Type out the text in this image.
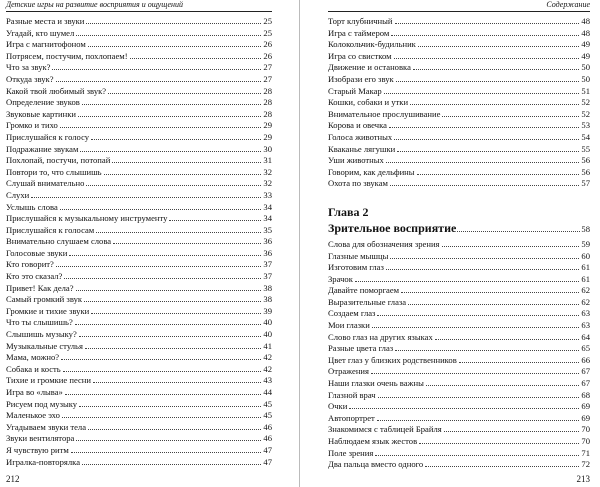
Детские игры на развитие восприятия и ощущений
Разные места и звуки	25
Угадай, кто шумел	25
Игра с магнитофоном	26
Потрясем, постучим, похлопаем!	26
Что за звук?	27
Откуда звук?	27
Какой твой любимый звук?	28
Определение звуков	28
Звуковые картинки	28
Громко и тихо	29
Прислушайся к голосу	29
Подражание звукам	30
Похлопай, постучи, потопай	31
Повтори то, что слышишь	32
Слушай внимательно	32
Слухи	33
Услышь слова	34
Прислушайся к музыкальному инструменту	34
Прислушайся к голосам	35
Внимательно слушаем слова	36
Голосовые звуки	36
Кто говорит?	37
Кто это сказал?	37
Привет! Как дела?	38
Самый громкий звук	38
Громкие и тихие звуки	39
Что ты слышишь?	40
Слышишь музыку?	40
Музыкальные стулья	41
Мама, можно?	42
Собака и кость	42
Тихие и громкие песни	43
Игра во «лыва»	44
Рисуем под музыку	45
Маленькое эхо	45
Угадываем звуки тела	46
Звуки вентилятора	46
Я чувствую ритм	47
Игралка-повторялка	47
212
Содержание
Торт клубничный	48
Игра с таймером	48
Колокольчик-будильник	49
Игра со свистком	49
Движение и остановка	50
Изобрази его звук	50
Старый Макар	51
Кошки, собаки и утки	52
Внимательное прослушивание	52
Корова и овечка	53
Голоса животных	54
Кваканье лягушки	55
Уши животных	56
Говорим, как дельфины	56
Охота по звукам	57
Глава 2
Зрительное восприятие	58
Слова для обозначения зрения	59
Глазные мышцы	60
Изготовим глаз	61
Зрачок	61
Давайте поморгаем	62
Выразительные глаза	62
Создаем глаз	63
Мои глазки	63
Слово глаз на других языках	64
Разные цвета глаз	65
Цвет глаз у близких родственников	66
Отражения	67
Наши глазки очень важны	67
Глазной врач	68
Очки	69
Автопортрет	69
Знакомимся с таблицей Брайля	70
Наблюдаем язык жестов	70
Поле зрения	71
Два пальца вместо одного	72
213
